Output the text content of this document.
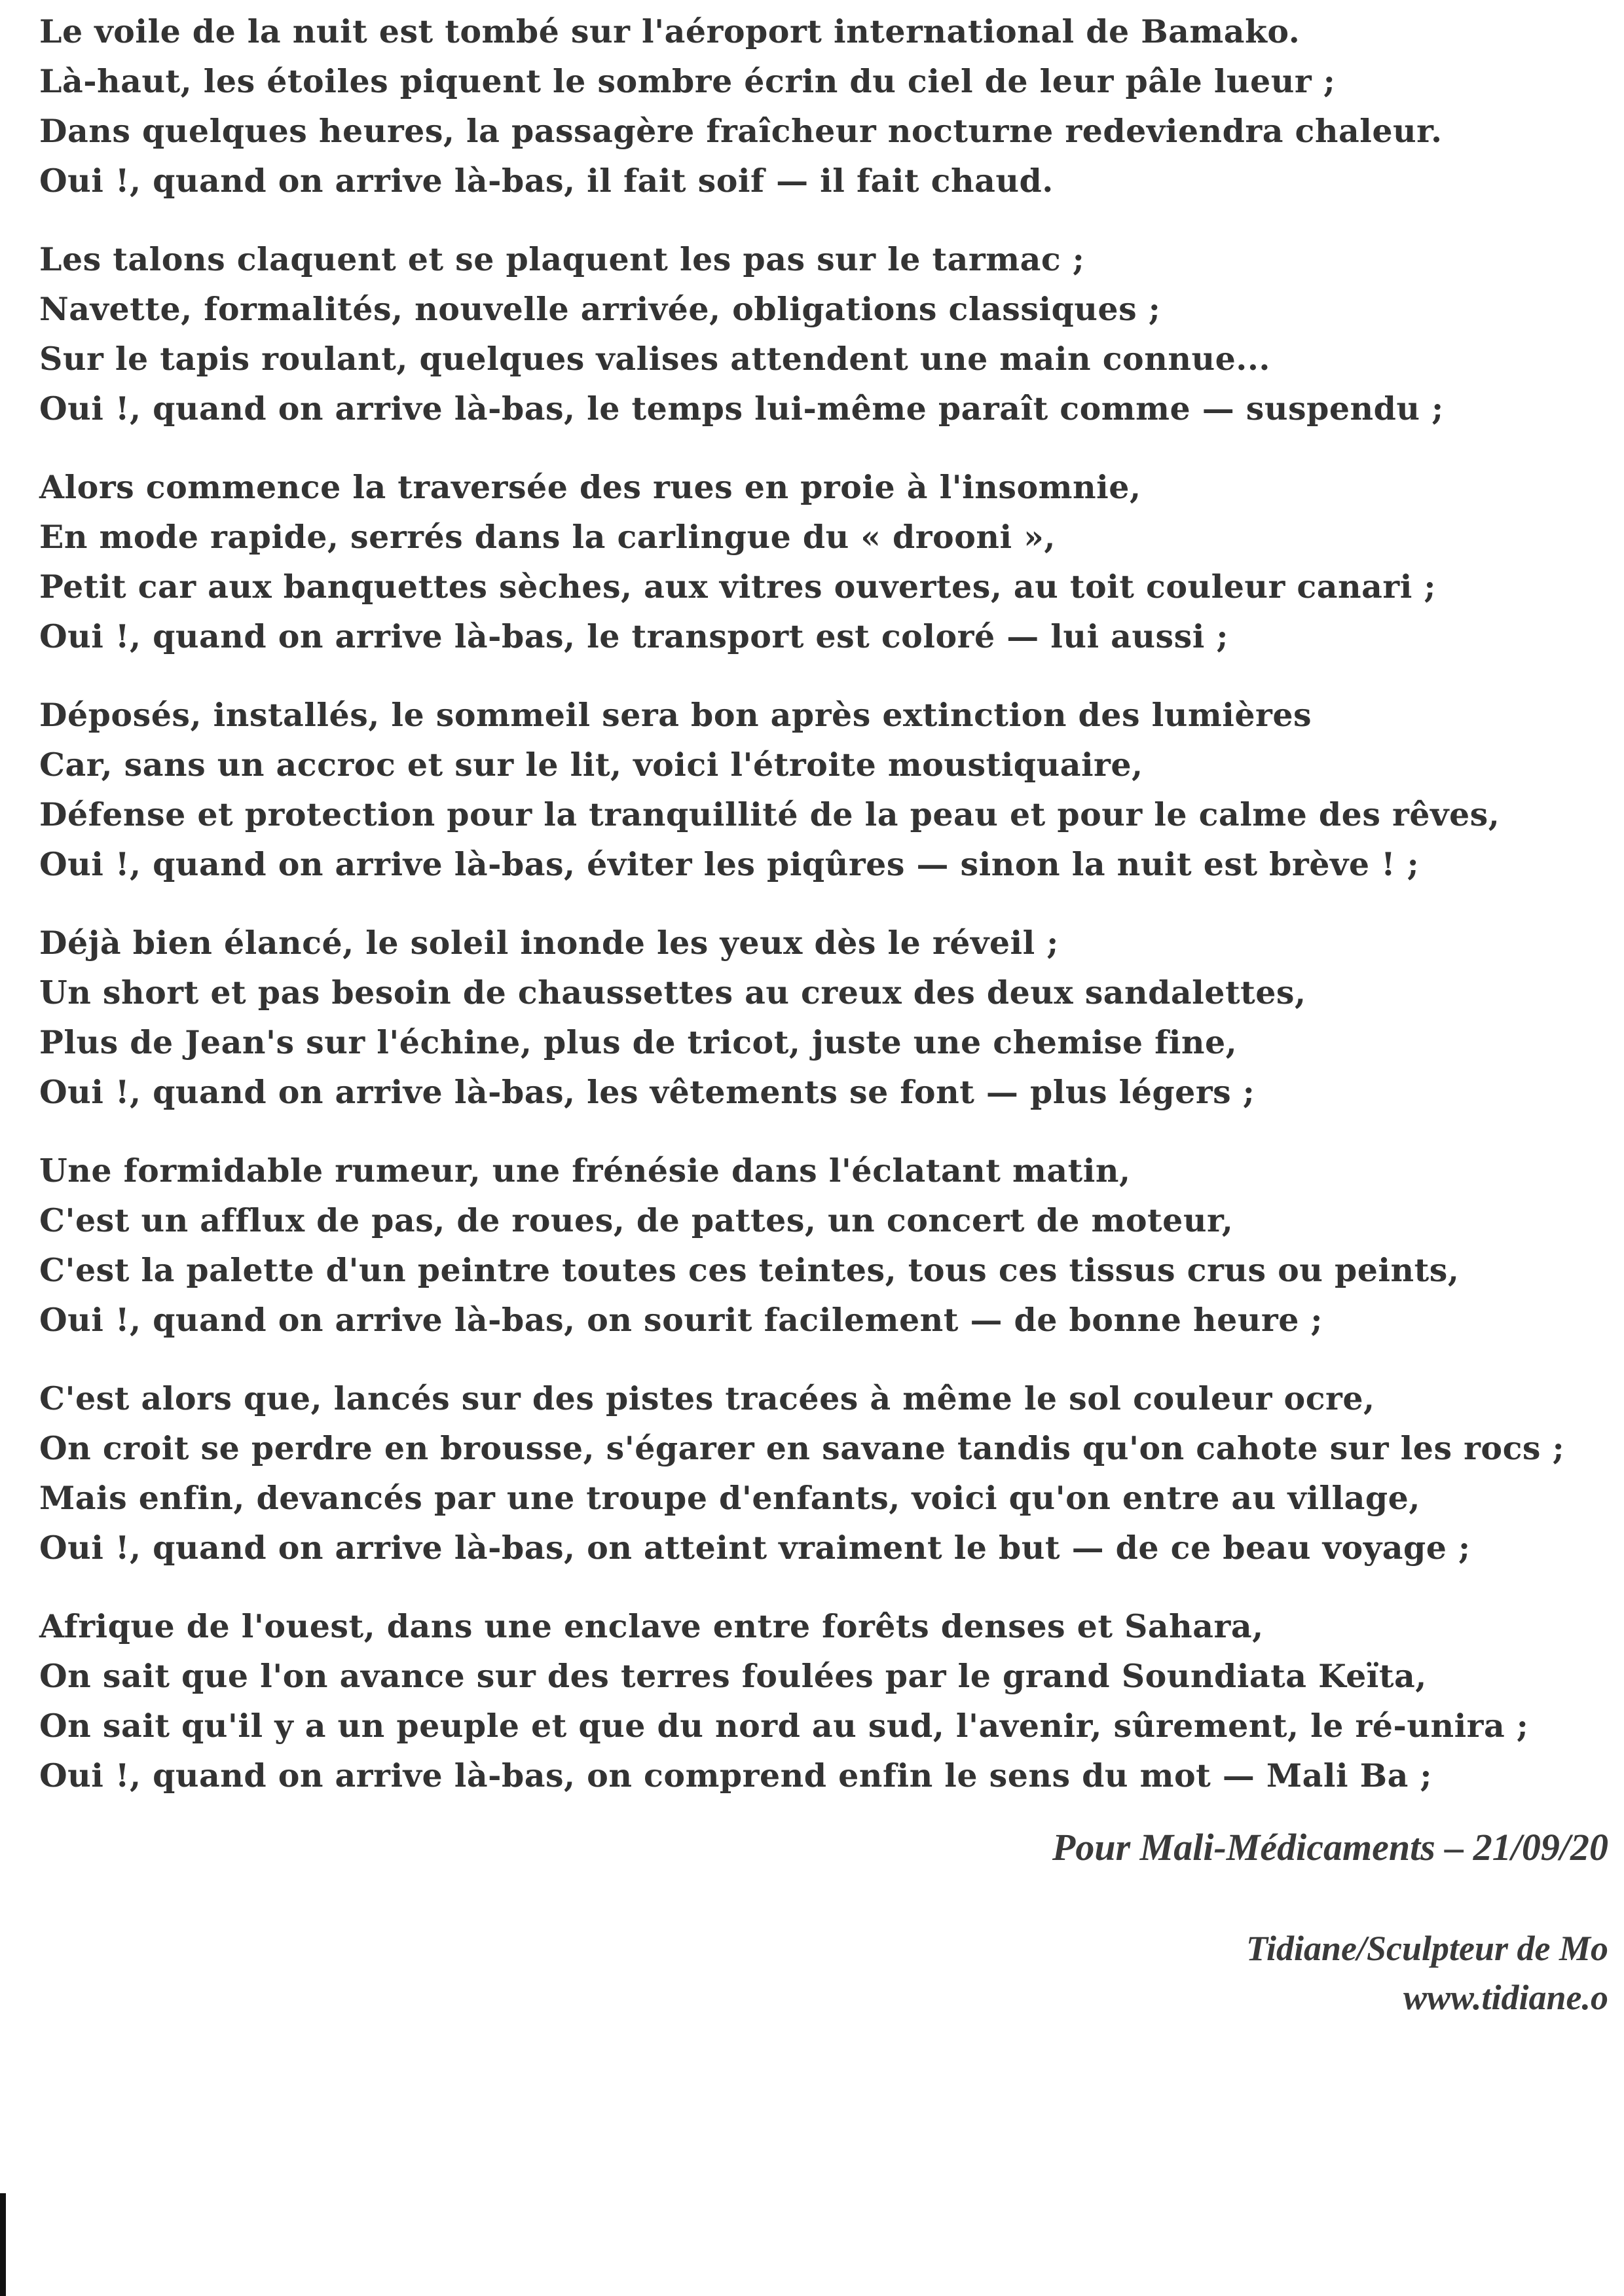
Le voile de la nuit est tombé sur l'aéroport international de Bamako.
Là-haut, les étoiles piquent le sombre écrin du ciel de leur pâle lueur ;
Dans quelques heures, la passagère fraîcheur nocturne redeviendra chaleur.
Oui !, quand on arrive là-bas, il fait soif — il fait chaud.
Les talons claquent et se plaquent les pas sur le tarmac ;
Navette, formalités, nouvelle arrivée, obligations classiques ;
Sur le tapis roulant, quelques valises attendent une main connue...
Oui !, quand on arrive là-bas, le temps lui-même paraît comme — suspendu ;
Alors commence la traversée des rues en proie à l'insomnie,
En mode rapide, serrés dans la carlingue du « drooni »,
Petit car aux banquettes sèches, aux vitres ouvertes, au toit couleur canari ;
Oui !, quand on arrive là-bas, le transport est coloré — lui aussi ;
Déposés, installés, le sommeil sera bon après extinction des lumières
Car, sans un accroc et sur le lit, voici l'étroite moustiquaire,
Défense et protection pour la tranquillité de la peau et pour le calme des rêves,
Oui !, quand on arrive là-bas, éviter les piqûres — sinon la nuit est brève ! ;
Déjà bien élancé, le soleil inonde les yeux dès le réveil ;
Un short et pas besoin de chaussettes au creux des deux sandalettes,
Plus de Jean's sur l'échine, plus de tricot, juste une chemise fine,
Oui !, quand on arrive là-bas, les vêtements se font — plus légers ;
Une formidable rumeur, une frénésie dans l'éclatant matin,
C'est un afflux de pas, de roues, de pattes, un concert de moteur,
C'est la palette d'un peintre toutes ces teintes, tous ces tissus crus ou peints,
Oui !, quand on arrive là-bas, on sourit facilement — de bonne heure ;
C'est alors que, lancés sur des pistes tracées à même le sol couleur ocre,
On croit se perdre en brousse, s'égarer en savane tandis qu'on cahote sur les rocs ;
Mais enfin, devancés par une troupe d'enfants, voici qu'on entre au village,
Oui !, quand on arrive là-bas, on atteint vraiment le but — de ce beau voyage ;
Afrique de l'ouest, dans une enclave entre forêts denses et Sahara,
On sait que l'on avance sur des terres foulées par le grand Soundiata Keïta,
On sait qu'il y a un peuple et que du nord au sud, l'avenir, sûrement, le ré-unira ;
Oui !, quand on arrive là-bas, on comprend enfin le sens du mot — Mali Ba ;
Pour Mali-Médicaments – 21/09/20
Tidiane/Sculpteur de Mo
www.tidiane.o
